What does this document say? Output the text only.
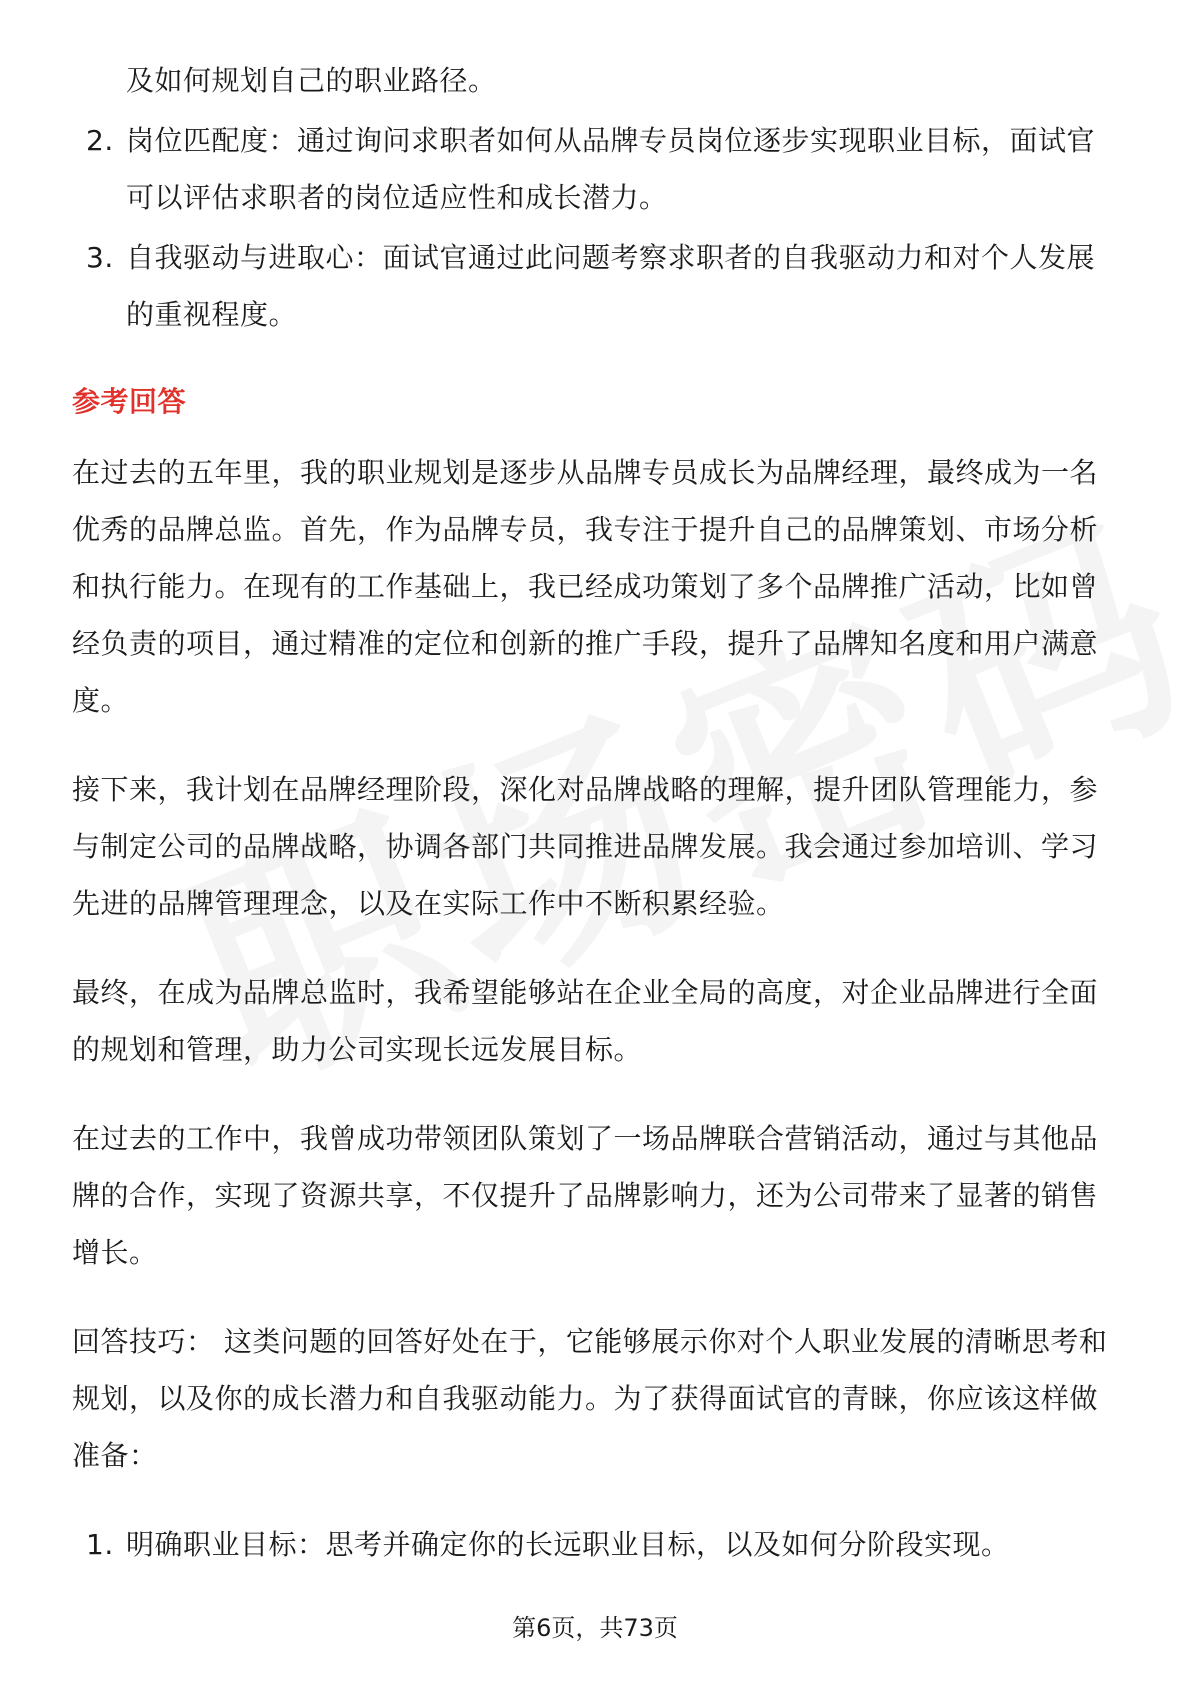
及如何规划自己的职业路径。
2. 岗位匹配度：通过询问求职者如何从品牌专员岗位逐步实现职业目标，面试官
可以评估求职者的岗位适应性和成长潜力。
3. 自我驱动与进取心：面试官通过此问题考察求职者的自我驱动力和对个人发展
的重视程度。
参考回答
在过去的五年里，我的职业规划是逐步从品牌专员成长为品牌经理，最终成为一名
优秀的品牌总监。首先，作为品牌专员，我专注于提升自己的品牌策划、市场分析
和执行能力。在现有的工作基础上，我已经成功策划了多个品牌推广活动，比如曾
经负责的项目，通过精准的定位和创新的推广手段，提升了品牌知名度和用户满意
度。
接下来，我计划在品牌经理阶段，深化对品牌战略的理解，提升团队管理能力，参
与制定公司的品牌战略，协调各部门共同推进品牌发展。我会通过参加培训、学习
先进的品牌管理理念，以及在实际工作中不断积累经验。
最终，在成为品牌总监时，我希望能够站在企业全局的高度，对企业品牌进行全面
的规划和管理，助力公司实现长远发展目标。
在过去的工作中，我曾成功带领团队策划了一场品牌联合营销活动，通过与其他品
牌的合作，实现了资源共享，不仅提升了品牌影响力，还为公司带来了显著的销售
增长。
回答技巧： 这类问题的回答好处在于，它能够展示你对个人职业发展的清晰思考和
规划，以及你的成长潜力和自我驱动能力。为了获得面试官的青睐，你应该这样做
准备：
1. 明确职业目标：思考并确定你的长远职业目标，以及如何分阶段实现。
第6页，共73页
